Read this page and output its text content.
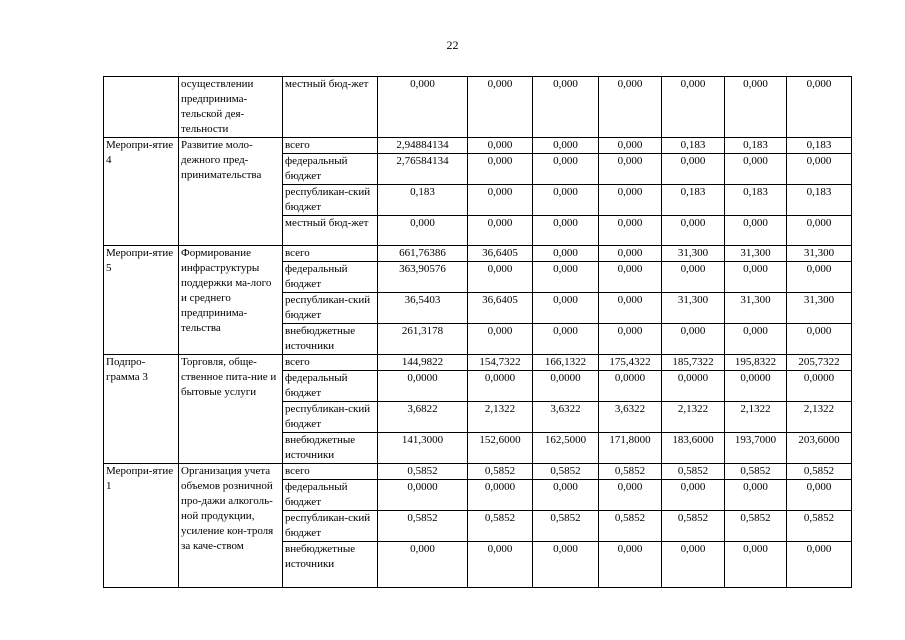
22
	осуществлении предпринима-тельской дея-тельности	местный бюд-жет	0,000	0,000	0,000	0,000	0,000	0,000	0,000
Меропри-ятие 4	Развитие моло-дежного пред-принимательства	всего	2,94884134	0,000	0,000	0,000	0,183	0,183	0,183
		федеральный бюджет	2,76584134	0,000	0,000	0,000	0,000	0,000	0,000
		республикан-ский бюджет	0,183	0,000	0,000	0,000	0,183	0,183	0,183
		местный бюд-жет	0,000	0,000	0,000	0,000	0,000	0,000	0,000
Меропри-ятие 5	Формирование инфраструктуры поддержки ма-лого и среднего предпринима-тельства	всего	661,76386	36,6405	0,000	0,000	31,300	31,300	31,300
		федеральный бюджет	363,90576	0,000	0,000	0,000	0,000	0,000	0,000
		республикан-ский бюджет	36,5403	36,6405	0,000	0,000	31,300	31,300	31,300
		внебюджетные источники	261,3178	0,000	0,000	0,000	0,000	0,000	0,000
Подпро-грамма 3	Торговля, обще-ственное пита-ние и бытовые услуги	всего	144,9822	154,7322	166,1322	175,4322	185,7322	195,8322	205,7322
		федеральный бюджет	0,0000	0,0000	0,0000	0,0000	0,0000	0,0000	0,0000
		республикан-ский бюджет	3,6822	2,1322	3,6322	3,6322	2,1322	2,1322	2,1322
		внебюджетные источники	141,3000	152,6000	162,5000	171,8000	183,6000	193,7000	203,6000
Меропри-ятие 1	Организация учета объемов розничной про-дажи алкоголь-ной продукции, усиление кон-троля за каче-ством	всего	0,5852	0,5852	0,5852	0,5852	0,5852	0,5852	0,5852
		федеральный бюджет	0,0000	0,0000	0,000	0,000	0,000	0,000	0,000
		республикан-ский бюджет	0,5852	0,5852	0,5852	0,5852	0,5852	0,5852	0,5852
		внебюджетные источники	0,000	0,000	0,000	0,000	0,000	0,000	0,000
